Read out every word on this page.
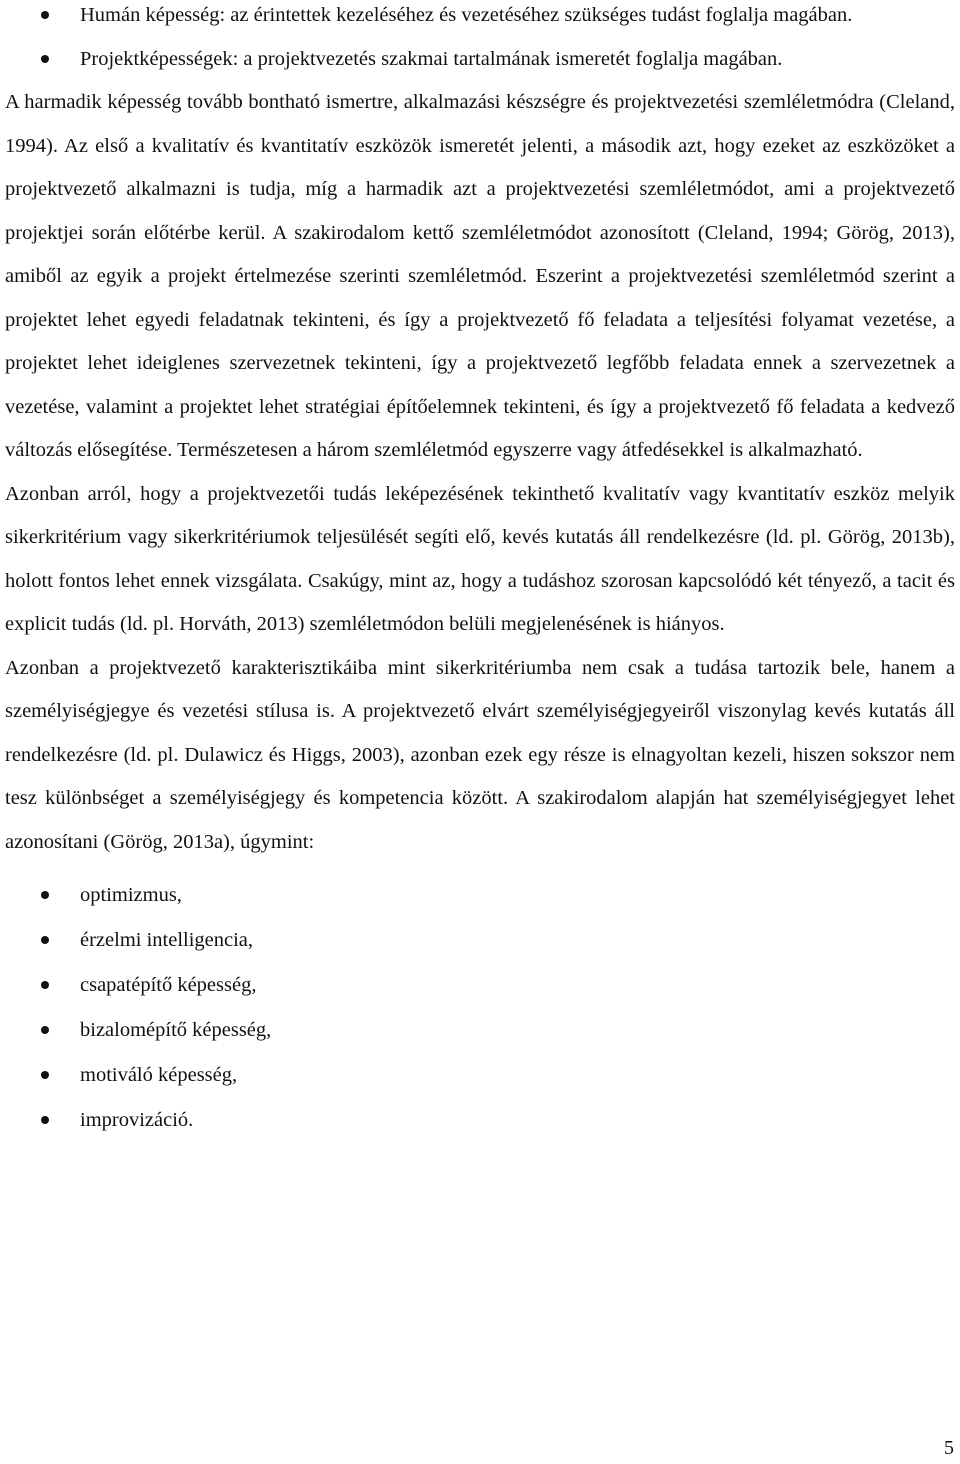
Humán képesség: az érintettek kezeléséhez és vezetéséhez szükséges tudást foglalja magában.
Projektképességek: a projektvezetés szakmai tartalmának ismeretét foglalja magában.

A harmadik képesség tovább bontható ismertre, alkalmazási készségre és projektvezetési szemléletmódra (Cleland, 1994). Az első a kvalitatív és kvantitatív eszközök ismeretét jelenti, a második azt, hogy ezeket az eszközöket a projektvezető alkalmazni is tudja, míg a harmadik azt a projektvezetési szemléletmódot, ami a projektvezető projektjei során előtérbe kerül. A szakirodalom kettő szemléletmódot azonosított (Cleland, 1994; Görög, 2013), amiből az egyik a projekt értelmezése szerinti szemléletmód. Eszerint a projektvezetési szemléletmód szerint a projektet lehet egyedi feladatnak tekinteni, és így a projektvezető fő feladata a teljesítési folyamat vezetése, a projektet lehet ideiglenes szervezetnek tekinteni, így a projektvezető legfőbb feladata ennek a szervezetnek a vezetése, valamint a projektet lehet stratégiai építőelemnek tekinteni, és így a projektvezető fő feladata a kedvező változás elősegítése. Természetesen a három szemléletmód egyszerre vagy átfedésekkel is alkalmazható.

Azonban arról, hogy a projektvezetői tudás leképezésének tekinthető kvalitatív vagy kvantitatív eszköz melyik sikerkritérium vagy sikerkritériumok teljesülését segíti elő, kevés kutatás áll rendelkezésre (ld. pl. Görög, 2013b), holott fontos lehet ennek vizsgálata. Csakúgy, mint az, hogy a tudáshoz szorosan kapcsolódó két tényező, a tacit és explicit tudás (ld. pl. Horváth, 2013) szemléletmódon belüli megjelenésének is hiányos.

Azonban a projektvezető karakterisztikáiba mint sikerkritériumba nem csak a tudása tartozik bele, hanem a személyiségjegye és vezetési stílusa is. A projektvezető elvárt személyiségjegyeiről viszonylag kevés kutatás áll rendelkezésre (ld. pl. Dulawicz és Higgs, 2003), azonban ezek egy része is elnagyoltan kezeli, hiszen sokszor nem tesz különbséget a személyiségjegy és kompetencia között. A szakirodalom alapján hat személyiségjegyet lehet azonosítani (Görög, 2013a), úgymint:

optimizmus,
érzelmi intelligencia,
csapatépítő képesség,
bizalomépítő képesség,
motiváló képesség,
improvizáció.
5
